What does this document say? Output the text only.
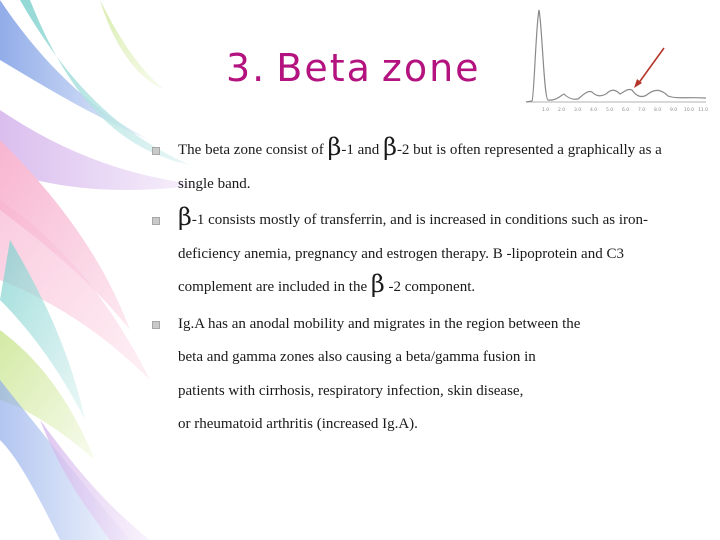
3. Beta zone
1.0 2.0 3.0 4.0 5.0 6.0 7.0 8.0 9.0 10.0 11.0
The beta zone consist of β-1 and β-2 but is often represented a graphically as a single band.
β-1 consists mostly of transferrin, and is increased in conditions such as iron-deficiency anemia, pregnancy and estrogen therapy. B -lipoprotein and C3 complement are included in the β -2 component.
Ig.A has an anodal mobility and migrates in the region between the
beta and gamma zones also causing a beta/gamma fusion in
patients with cirrhosis, respiratory infection, skin disease,
or rheumatoid arthritis (increased Ig.A).
